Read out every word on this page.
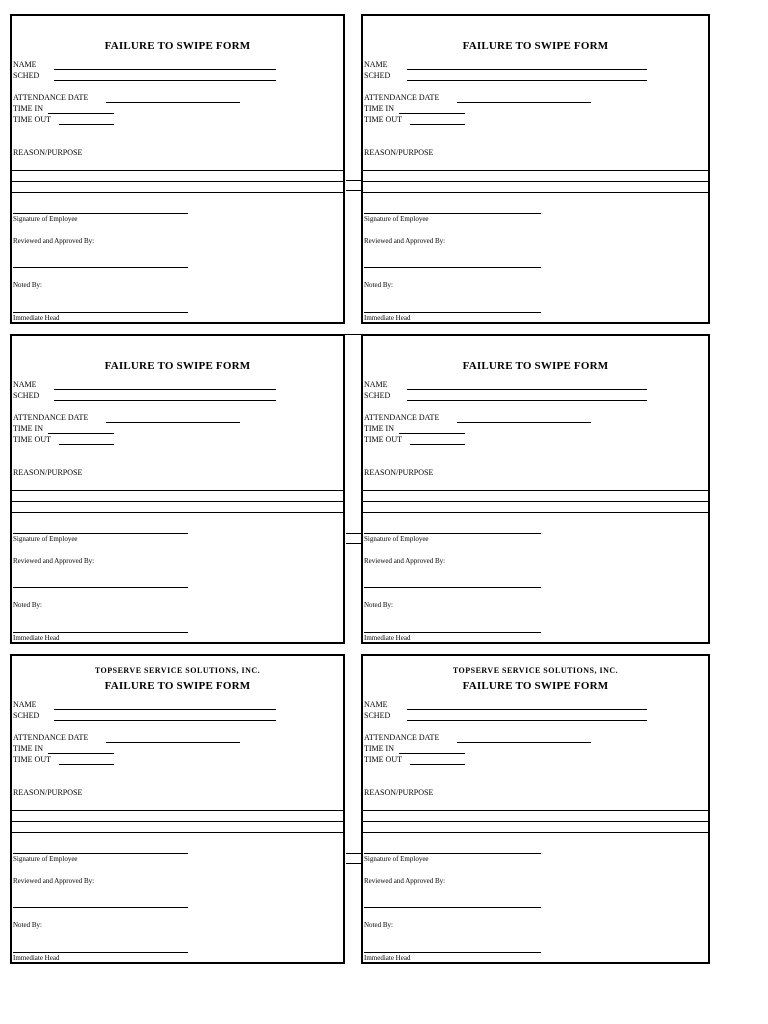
FAILURE TO SWIPE FORM
NAME
SCHED
ATTENDANCE DATE
TIME IN
TIME OUT
REASON/PURPOSE
Signature of Employee
Reviewed and Approved By:
Noted By:
Immediate Head
FAILURE TO SWIPE FORM
NAME
SCHED
ATTENDANCE DATE
TIME IN
TIME OUT
REASON/PURPOSE
Signature of Employee
Reviewed and Approved By:
Noted By:
Immediate Head
FAILURE TO SWIPE FORM
NAME
SCHED
ATTENDANCE DATE
TIME IN
TIME OUT
REASON/PURPOSE
Signature of Employee
Reviewed and Approved By:
Noted By:
Immediate Head
FAILURE TO SWIPE FORM
NAME
SCHED
ATTENDANCE DATE
TIME IN
TIME OUT
REASON/PURPOSE
Signature of Employee
Reviewed and Approved By:
Noted By:
Immediate Head
TOPSERVE SERVICE SOLUTIONS, INC.
FAILURE TO SWIPE FORM
NAME
SCHED
ATTENDANCE DATE
TIME IN
TIME OUT
REASON/PURPOSE
Signature of Employee
Reviewed and Approved By:
Noted By:
Immediate Head
TOPSERVE SERVICE SOLUTIONS, INC.
FAILURE TO SWIPE FORM
NAME
SCHED
ATTENDANCE DATE
TIME IN
TIME OUT
REASON/PURPOSE
Signature of Employee
Reviewed and Approved By:
Noted By:
Immediate Head
